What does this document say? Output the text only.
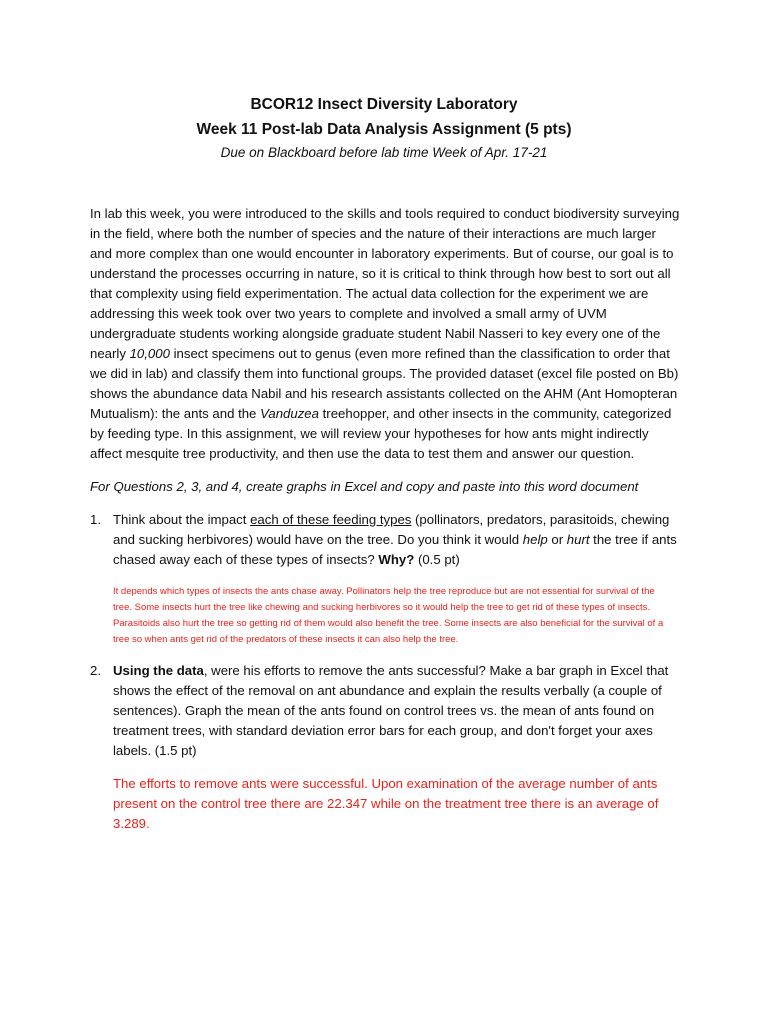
BCOR12 Insect Diversity Laboratory
Week 11 Post-lab Data Analysis Assignment (5 pts)
Due on Blackboard before lab time Week of Apr. 17-21
In lab this week, you were introduced to the skills and tools required to conduct biodiversity surveying in the field, where both the number of species and the nature of their interactions are much larger and more complex than one would encounter in laboratory experiments. But of course, our goal is to understand the processes occurring in nature, so it is critical to think through how best to sort out all that complexity using field experimentation. The actual data collection for the experiment we are addressing this week took over two years to complete and involved a small army of UVM undergraduate students working alongside graduate student Nabil Nasseri to key every one of the nearly 10,000 insect specimens out to genus (even more refined than the classification to order that we did in lab) and classify them into functional groups. The provided dataset (excel file posted on Bb) shows the abundance data Nabil and his research assistants collected on the AHM (Ant Homopteran Mutualism): the ants and the Vanduzea treehopper, and other insects in the community, categorized by feeding type. In this assignment, we will review your hypotheses for how ants might indirectly affect mesquite tree productivity, and then use the data to test them and answer our question.
For Questions 2, 3, and 4, create graphs in Excel and copy and paste into this word document
1. Think about the impact each of these feeding types (pollinators, predators, parasitoids, chewing and sucking herbivores) would have on the tree. Do you think it would help or hurt the tree if ants chased away each of these types of insects? Why? (0.5 pt)
It depends which types of insects the ants chase away. Pollinators help the tree reproduce but are not essential for survival of the tree. Some insects hurt the tree like chewing and sucking herbivores so it would help the tree to get rid of these types of insects. Parasitoids also hurt the tree so getting rid of them would also benefit the tree. Some insects are also beneficial for the survival of a tree so when ants get rid of the predators of these insects it can also help the tree.
2. Using the data, were his efforts to remove the ants successful? Make a bar graph in Excel that shows the effect of the removal on ant abundance and explain the results verbally (a couple of sentences). Graph the mean of the ants found on control trees vs. the mean of ants found on treatment trees, with standard deviation error bars for each group, and don't forget your axes labels. (1.5 pt)
The efforts to remove ants were successful. Upon examination of the average number of ants present on the control tree there are 22.347 while on the treatment tree there is an average of 3.289.
